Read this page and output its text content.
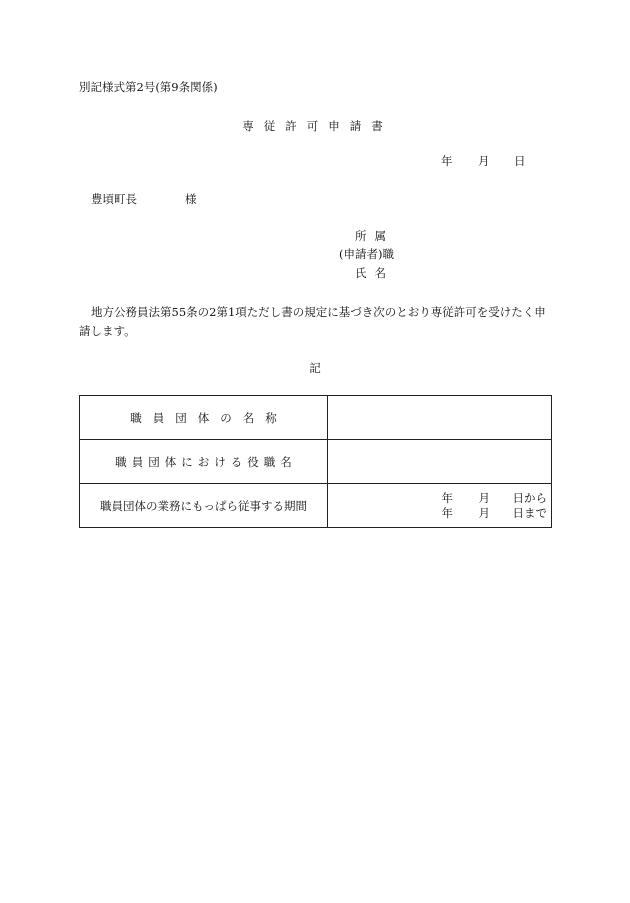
別記様式第2号(第9条関係)
専従許可申請書
年 月 日
豊頃町長	様
所属
(申請者)職
氏名
地方公務員法第55条の2第1項ただし書の規定に基づき次のとおり専従許可を受けたく申請します。
記
職員団体の名称	
職員団体における役職名	
職員団体の業務にもっぱら従事する期間	年 月 日から
年 月 日まで
